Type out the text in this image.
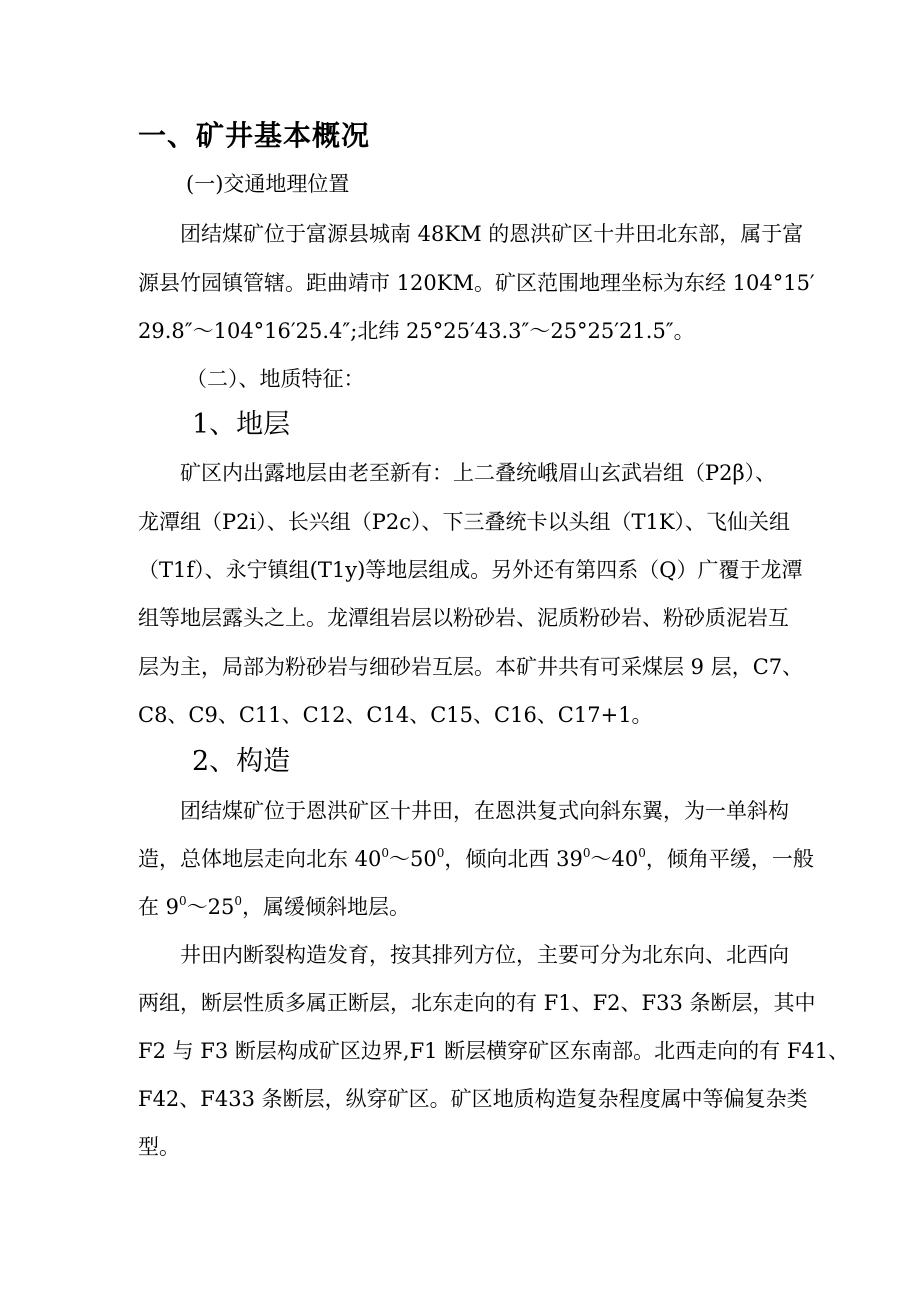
一、矿井基本概况
(一)交通地理位置
团结煤矿位于富源县城南 48KM 的恩洪矿区十井田北东部，属于富
源县竹园镇管辖。距曲靖市 120KM。矿区范围地理坐标为东经 104°15′
29.8″～104°16′25.4″;北纬 25°25′43.3″～25°25′21.5″。
（二）、地质特征：
1、地层
矿区内出露地层由老至新有：上二叠统峨眉山玄武岩组（P2β）、
龙潭组（P2i）、长兴组（P2c）、下三叠统卡以头组（T1K）、飞仙关组
（T1f）、永宁镇组(T1y)等地层组成。另外还有第四系（Q）广覆于龙潭
组等地层露头之上。龙潭组岩层以粉砂岩、泥质粉砂岩、粉砂质泥岩互
层为主，局部为粉砂岩与细砂岩互层。本矿井共有可采煤层 9 层，C7、
C8、C9、C11、C12、C14、C15、C16、C17+1。
2、构造
团结煤矿位于恩洪矿区十井田，在恩洪复式向斜东翼，为一单斜构
造，总体地层走向北东 $40^0\sim 50^0$，倾向北西 $39^0\sim 40^0$，倾角平缓，一般
在 $9^0\sim 25^0$，属缓倾斜地层。
井田内断裂构造发育，按其排列方位，主要可分为北东向、北西向
两组，断层性质多属正断层，北东走向的有 F1、F2、F33 条断层，其中
F2 与 F3 断层构成矿区边界,F1 断层横穿矿区东南部。北西走向的有 F41、
F42、F433 条断层，纵穿矿区。矿区地质构造复杂程度属中等偏复杂类
型。
